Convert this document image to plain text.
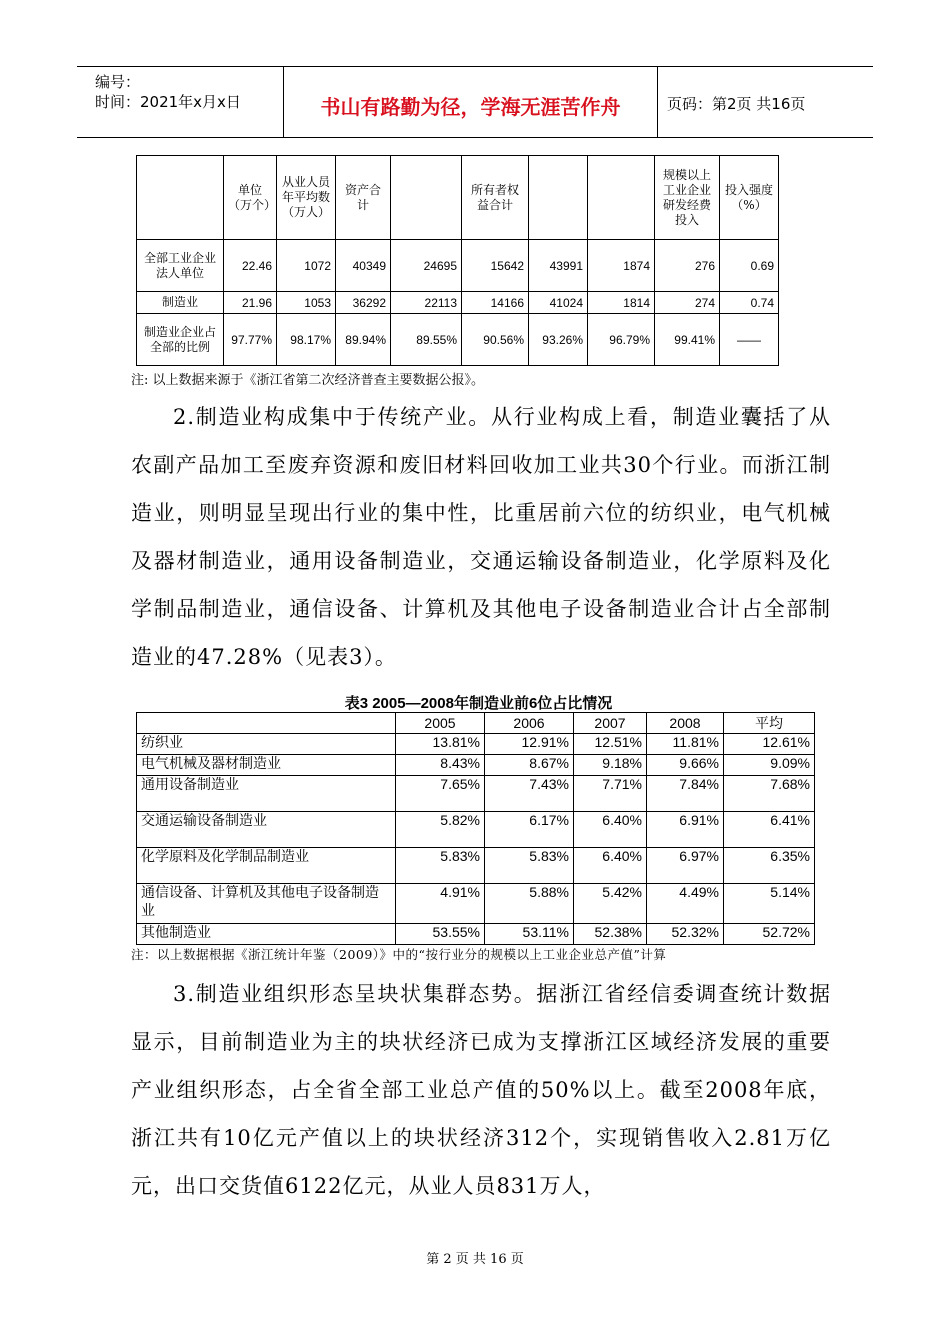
编号：
时间：2021年x月x日	书山有路勤为径，学海无涯苦作舟	页码：第2页 共16页
	单位（万个）	从业人员年平均数（万人）	资产合计		所有者权益合计			规模以上工业企业研发经费投入	投入强度（%）
全部工业企业法人单位	22.46	1072	40349	24695	15642	43991	1874	276	0.69
制造业	21.96	1053	36292	22113	14166	41024	1814	274	0.74
制造业企业占全部的比例	97.77%	98.17%	89.94%	89.55%	90.56%	93.26%	96.79%	99.41%	——
注: 以上数据来源于《浙江省第二次经济普查主要数据公报》。

2.制造业构成集中于传统产业。从行业构成上看，制造业囊括了从农副产品加工至废弃资源和废旧材料回收加工业共30个行业。而浙江制造业，则明显呈现出行业的集中性，比重居前六位的纺织业，电气机械及器材制造业，通用设备制造业，交通运输设备制造业，化学原料及化学制品制造业，通信设备、计算机及其他电子设备制造业合计占全部制造业的47.28%（见表3）。

表3 2005—2008年制造业前6位占比情况
	2005	2006	2007	2008	平均
纺织业	13.81%	12.91%	12.51%	11.81%	12.61%
电气机械及器材制造业	8.43%	8.67%	9.18%	9.66%	9.09%
通用设备制造业	7.65%	7.43%	7.71%	7.84%	7.68%
交通运输设备制造业	5.82%	6.17%	6.40%	6.91%	6.41%
化学原料及化学制品制造业	5.83%	5.83%	6.40%	6.97%	6.35%
通信设备、计算机及其他电子设备制造业	4.91%	5.88%	5.42%	4.49%	5.14%
其他制造业	53.55%	53.11%	52.38%	52.32%	52.72%
注：以上数据根据《浙江统计年鉴（2009）》中的“按行业分的规模以上工业企业总产值”计算

3.制造业组织形态呈块状集群态势。据浙江省经信委调查统计数据显示，目前制造业为主的块状经济已成为支撑浙江区域经济发展的重要产业组织形态，占全省全部工业总产值的50%以上。截至2008年底，浙江共有10亿元产值以上的块状经济312个，实现销售收入2.81万亿元，出口交货值6122亿元，从业人员831万人，

第 2 页 共 16 页
